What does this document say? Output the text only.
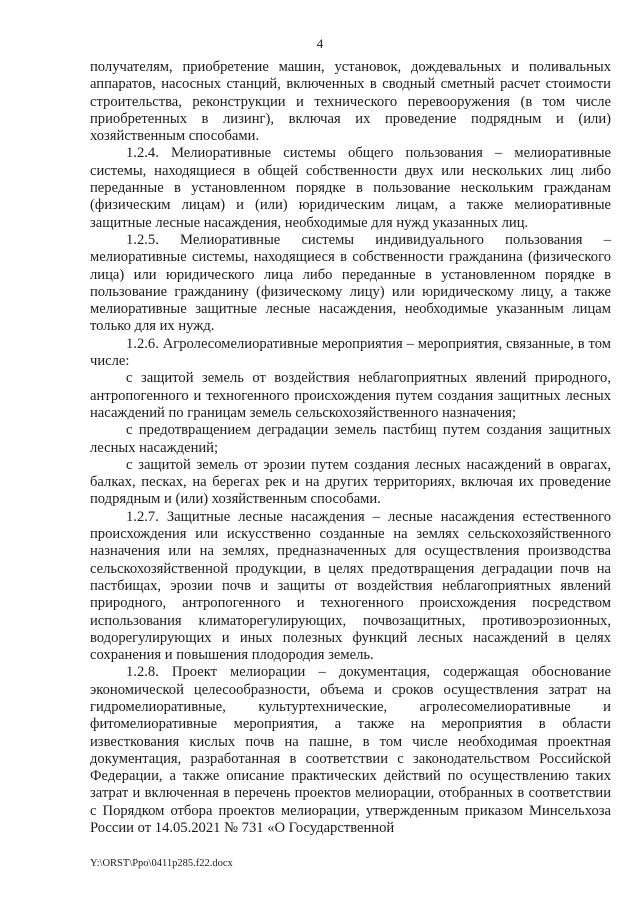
4

получателям, приобретение машин, установок, дождевальных и поливальных аппаратов, насосных станций, включенных в сводный сметный расчет стоимости строительства, реконструкции и технического перевооружения (в том числе приобретенных в лизинг), включая их проведение подрядным и (или) хозяйственным способами.

1.2.4. Мелиоративные системы общего пользования – мелиоративные системы, находящиеся в общей собственности двух или нескольких лиц либо переданные в установленном порядке в пользование нескольким гражданам (физическим лицам) и (или) юридическим лицам, а также мелиоративные защитные лесные насаждения, необходимые для нужд указанных лиц.

1.2.5. Мелиоративные системы индивидуального пользования – мелиоративные системы, находящиеся в собственности гражданина (физического лица) или юридического лица либо переданные в установленном порядке в пользование гражданину (физическому лицу) или юридическому лицу, а также мелиоративные защитные лесные насаждения, необходимые указанным лицам только для их нужд.

1.2.6. Агролесомелиоративные мероприятия – мероприятия, связанные, в том числе:

с защитой земель от воздействия неблагоприятных явлений природного, антропогенного и техногенного происхождения путем создания защитных лесных насаждений по границам земель сельскохозяйственного назначения;

с предотвращением деградации земель пастбищ путем создания защитных лесных насаждений;

с защитой земель от эрозии путем создания лесных насаждений в оврагах, балках, песках, на берегах рек и на других территориях, включая их проведение подрядным и (или) хозяйственным способами.

1.2.7. Защитные лесные насаждения – лесные насаждения естественного происхождения или искусственно созданные на землях сельскохозяйственного назначения или на землях, предназначенных для осуществления производства сельскохозяйственной продукции, в целях предотвращения деградации почв на пастбищах, эрозии почв и защиты от воздействия неблагоприятных явлений природного, антропогенного и техногенного происхождения посредством использования климаторегулирующих, почвозащитных, противоэрозионных, водорегулирующих и иных полезных функций лесных насаждений в целях сохранения и повышения плодородия земель.

1.2.8. Проект мелиорации – документация, содержащая обоснование экономической целесообразности, объема и сроков осуществления затрат на гидромелиоративные, культуртехнические, агролесомелиоративные и фитомелиоративные мероприятия, а также на мероприятия в области известкования кислых почв на пашне, в том числе необходимая проектная документация, разработанная в соответствии с законодательством Российской Федерации, а также описание практических действий по осуществлению таких затрат и включенная в перечень проектов мелиорации, отобранных в соответствии с Порядком отбора проектов мелиорации, утвержденным приказом Минсельхоза России от 14.05.2021 № 731 «О Государственной

Y:\ORST\Ppo\0411p285.f22.docx
